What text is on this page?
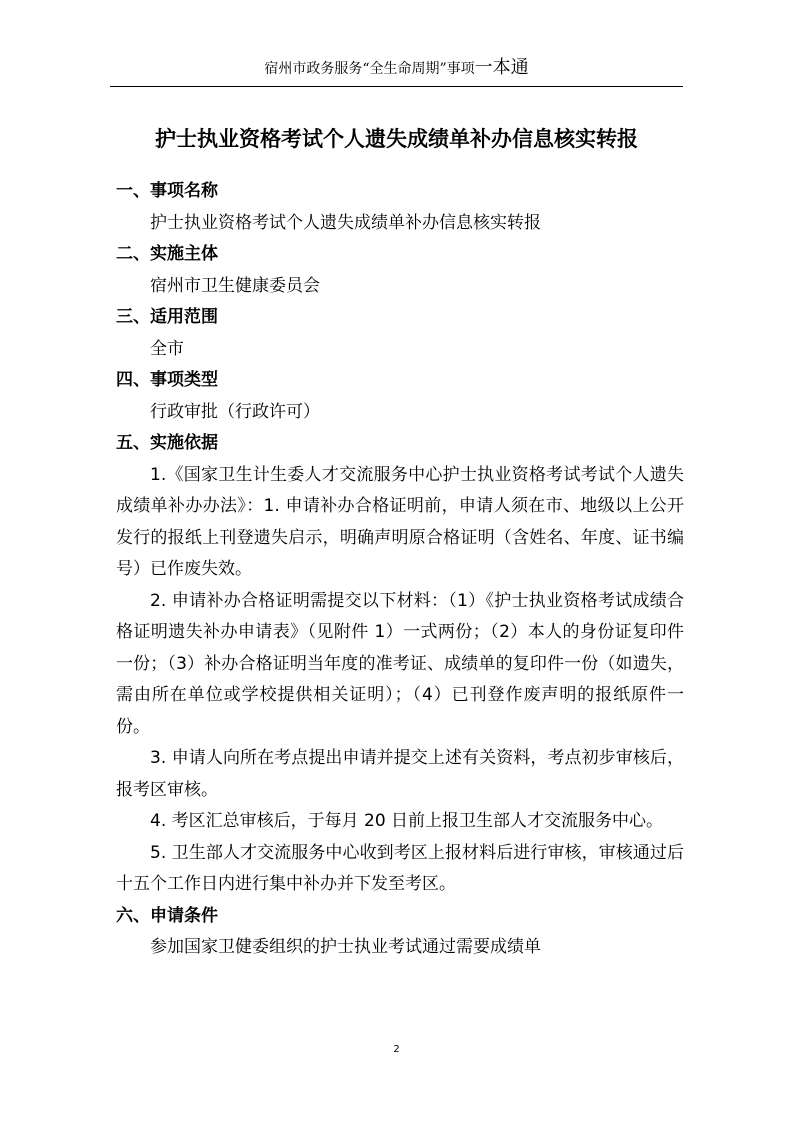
宿州市政务服务“全生命周期”事项一本通
护士执业资格考试个人遗失成绩单补办信息核实转报

一、事项名称

护士执业资格考试个人遗失成绩单补办信息核实转报

二、实施主体

宿州市卫生健康委员会

三、适用范围

全市

四、事项类型

行政审批（行政许可）

五、实施依据

1.《国家卫生计生委人才交流服务中心护士执业资格考试考试个人遗失成绩单补办办法》：1. 申请补办合格证明前，申请人须在市、地级以上公开发行的报纸上刊登遗失启示，明确声明原合格证明（含姓名、年度、证书编号）已作废失效。

2. 申请补办合格证明需提交以下材料：（1）《护士执业资格考试成绩合格证明遗失补办申请表》（见附件 1）一式两份；（2）本人的身份证复印件一份；（3）补办合格证明当年度的准考证、成绩单的复印件一份（如遗失，需由所在单位或学校提供相关证明）；（4）已刊登作废声明的报纸原件一份。

3. 申请人向所在考点提出申请并提交上述有关资料，考点初步审核后，报考区审核。

4. 考区汇总审核后，于每月 20 日前上报卫生部人才交流服务中心。

5. 卫生部人才交流服务中心收到考区上报材料后进行审核，审核通过后十五个工作日内进行集中补办并下发至考区。

六、申请条件

参加国家卫健委组织的护士执业考试通过需要成绩单

2
